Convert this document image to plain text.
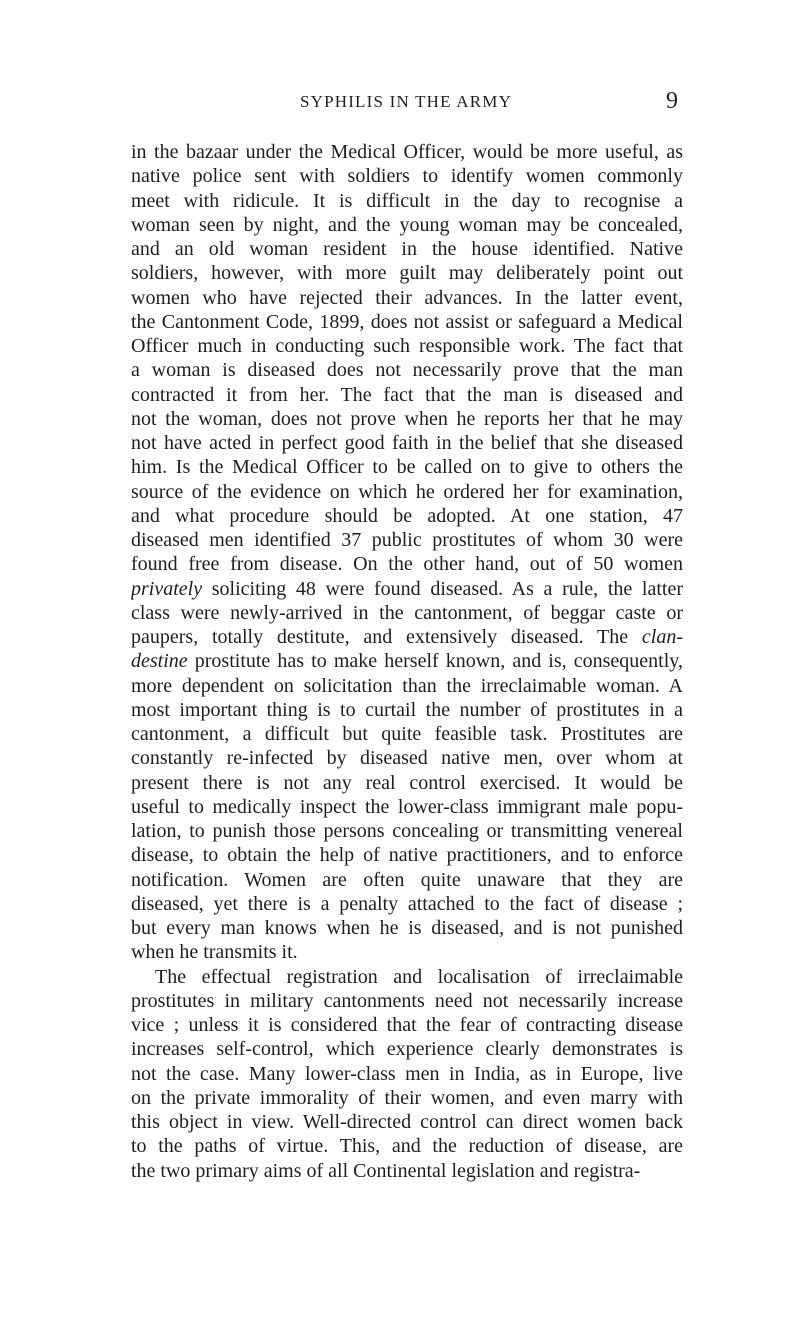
SYPHILIS IN THE ARMY	9
in the bazaar under the Medical Officer, would be more useful, as
native police sent with soldiers to identify women commonly
meet with ridicule. It is difficult in the day to recognise a
woman seen by night, and the young woman may be concealed,
and an old woman resident in the house identified. Native
soldiers, however, with more guilt may deliberately point out
women who have rejected their advances. In the latter event,
the Cantonment Code, 1899, does not assist or safeguard a Medical
Officer much in conducting such responsible work. The fact that
a woman is diseased does not necessarily prove that the man
contracted it from her. The fact that the man is diseased and
not the woman, does not prove when he reports her that he may
not have acted in perfect good faith in the belief that she diseased
him. Is the Medical Officer to be called on to give to others the
source of the evidence on which he ordered her for examination,
and what procedure should be adopted. At one station, 47
diseased men identified 37 public prostitutes of whom 30 were
found free from disease. On the other hand, out of 50 women
privately soliciting 48 were found diseased. As a rule, the latter
class were newly-arrived in the cantonment, of beggar caste or
paupers, totally destitute, and extensively diseased. The clan-
destine prostitute has to make herself known, and is, consequently,
more dependent on solicitation than the irreclaimable woman. A
most important thing is to curtail the number of prostitutes in a
cantonment, a difficult but quite feasible task. Prostitutes are
constantly re-infected by diseased native men, over whom at
present there is not any real control exercised. It would be
useful to medically inspect the lower-class immigrant male popu-
lation, to punish those persons concealing or transmitting venereal
disease, to obtain the help of native practitioners, and to enforce
notification. Women are often quite unaware that they are
diseased, yet there is a penalty attached to the fact of disease ;
but every man knows when he is diseased, and is not punished
when he transmits it.
The effectual registration and localisation of irreclaimable
prostitutes in military cantonments need not necessarily increase
vice ; unless it is considered that the fear of contracting disease
increases self-control, which experience clearly demonstrates is
not the case. Many lower-class men in India, as in Europe, live
on the private immorality of their women, and even marry with
this object in view. Well-directed control can direct women back
to the paths of virtue. This, and the reduction of disease, are
the two primary aims of all Continental legislation and registra-
